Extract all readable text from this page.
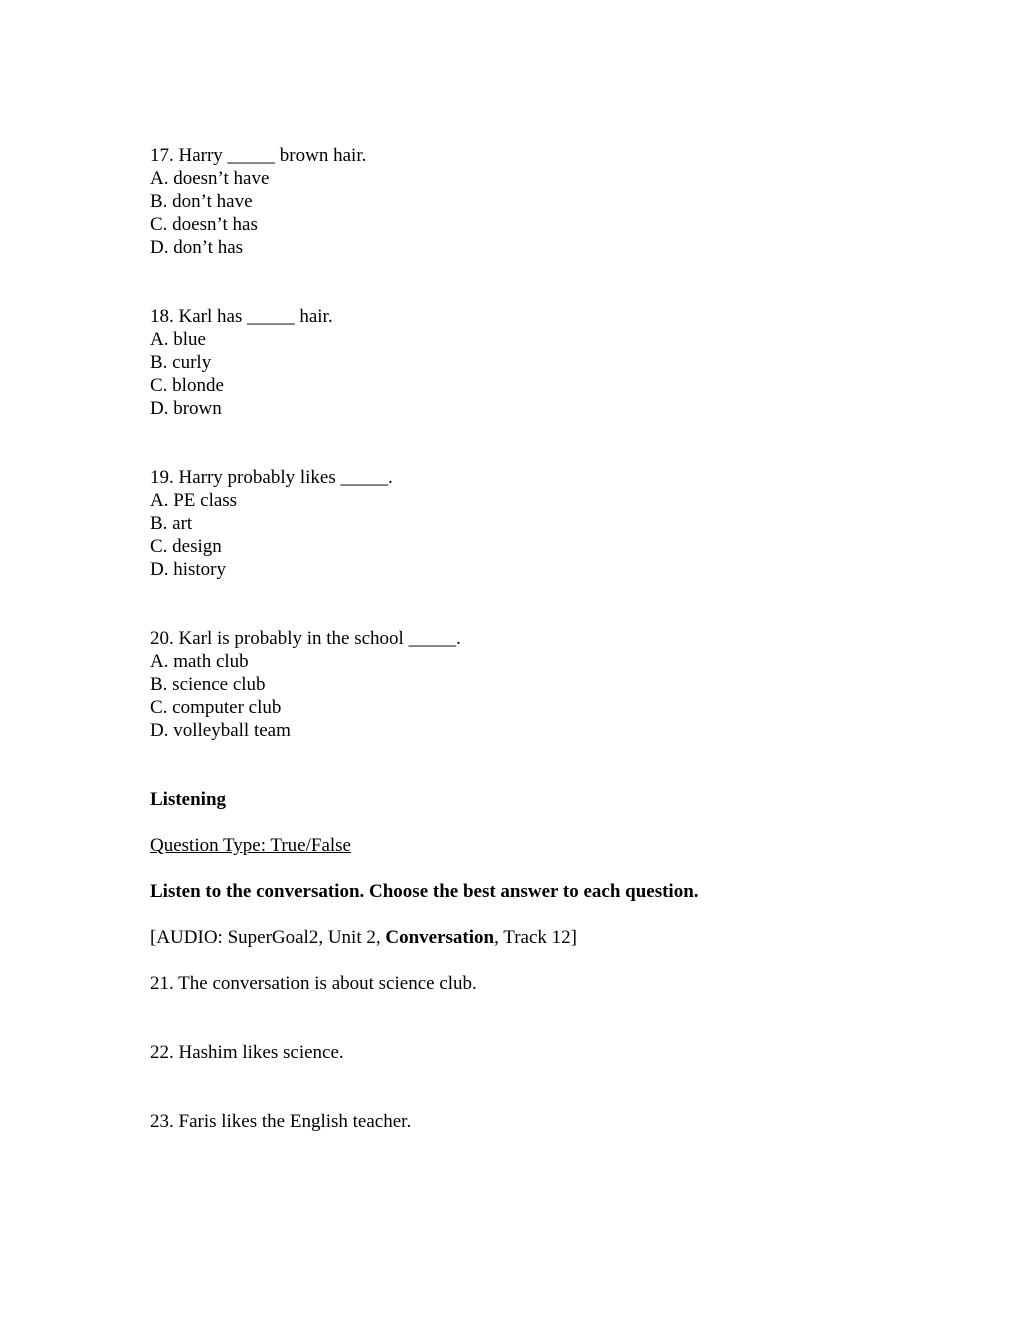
17. Harry _____ brown hair.
A. doesn’t have
B. don’t have
C. doesn’t has
D. don’t has
18. Karl has _____ hair.
A. blue
B. curly
C. blonde
D. brown
19. Harry probably likes _____.
A. PE class
B. art
C. design
D. history
20. Karl is probably in the school _____.
A. math club
B. science club
C. computer club
D. volleyball team
Listening
Question Type: True/False
Listen to the conversation. Choose the best answer to each question.
[AUDIO: SuperGoal2, Unit 2, Conversation, Track 12]
21. The conversation is about science club.
22. Hashim likes science.
23. Faris likes the English teacher.
